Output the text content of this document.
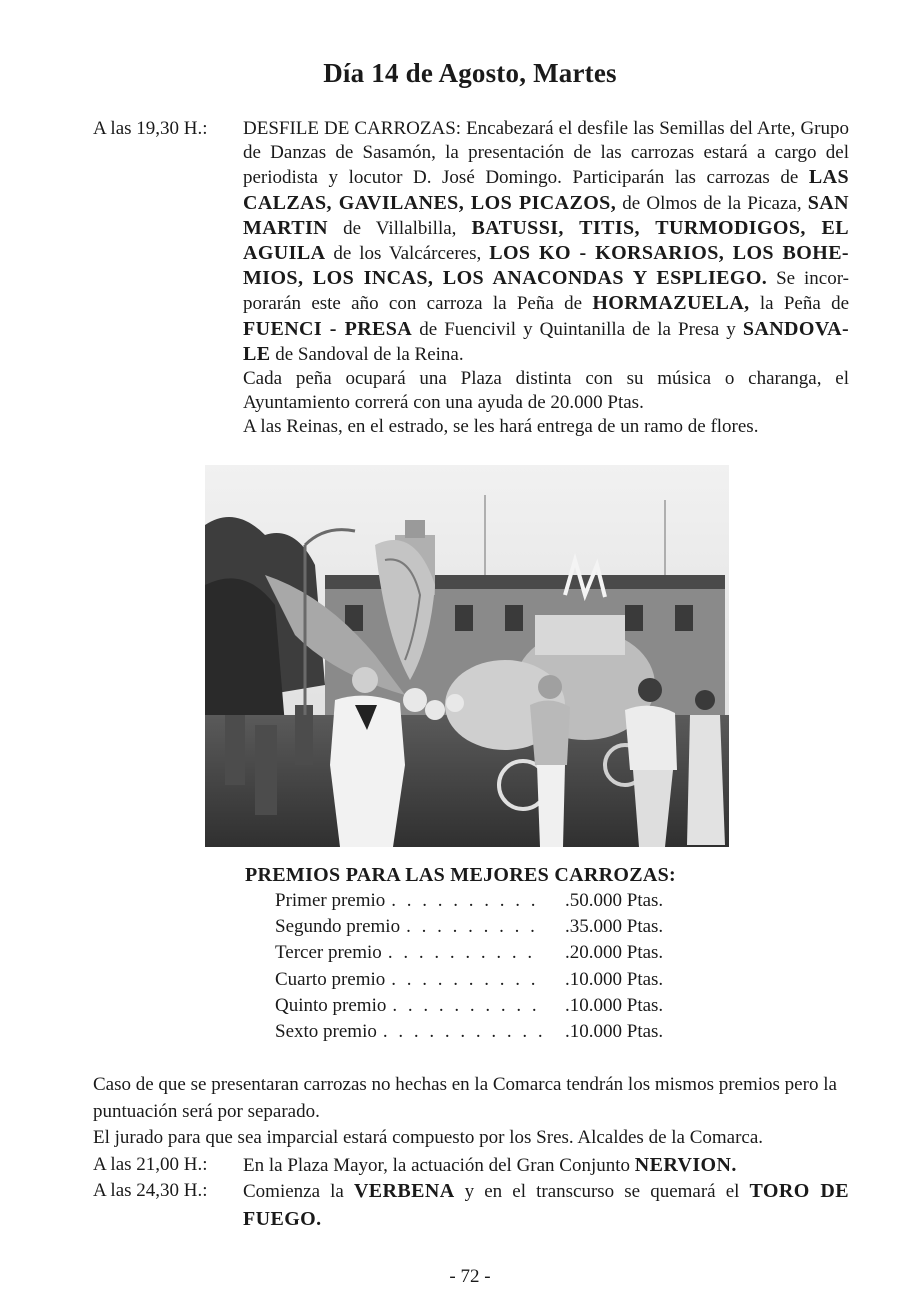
Día 14 de Agosto, Martes
A las 19,30 H.: DESFILE DE CARROZAS: Encabezará el desfile las Semillas del Arte, Grupo de Danzas de Sasamón, la presentación de las carrozas estará a cargo del periodista y locutor D. José Domingo. Participarán las carrozas de LAS CALZAS, GAVILANES, LOS PICAZOS, de Olmos de la Picaza, SAN MARTIN de Villalbilla, BATUSSI, TITIS, TURMODIGOS, EL AGUILA de los Valcárceres, LOS KO - KORSARIOS, LOS BOHE-MIOS, LOS INCAS, LOS ANACONDAS Y ESPLIEGO. Se incor-porarán este año con carroza la Peña de HORMAZUELA, la Peña de FUENCI - PRESA de Fuencivil y Quintanilla de la Presa y SANDOVA-LE de Sandoval de la Reina.

Cada peña ocupará una Plaza distinta con su música o charanga, el Ayuntamiento correrá con una ayuda de 20.000 Ptas.

A las Reinas, en el estrado, se les hará entrega de un ramo de flores.

PREMIOS PARA LAS MEJORES CARROZAS:
Primer premio . . . . . . . . . . .50.000 Ptas.
Segundo premio . . . . . . . . . .35.000 Ptas.
Tercer premio . . . . . . . . . . .20.000 Ptas.
Cuarto premio . . . . . . . . . . .10.000 Ptas.
Quinto premio . . . . . . . . . . .10.000 Ptas.
Sexto premio . . . . . . . . . . . .10.000 Ptas.

Caso de que se presentaran carrozas no hechas en la Comarca tendrán los mismos premios pero la puntuación será por separado.

El jurado para que sea imparcial estará compuesto por los Sres. Alcaldes de la Comarca.

A las 21,00 H.: En la Plaza Mayor, la actuación del Gran Conjunto NERVION.
A las 24,30 H.: Comienza la VERBENA y en el transcurso se quemará el TORO DE FUEGO.
- 72 -
